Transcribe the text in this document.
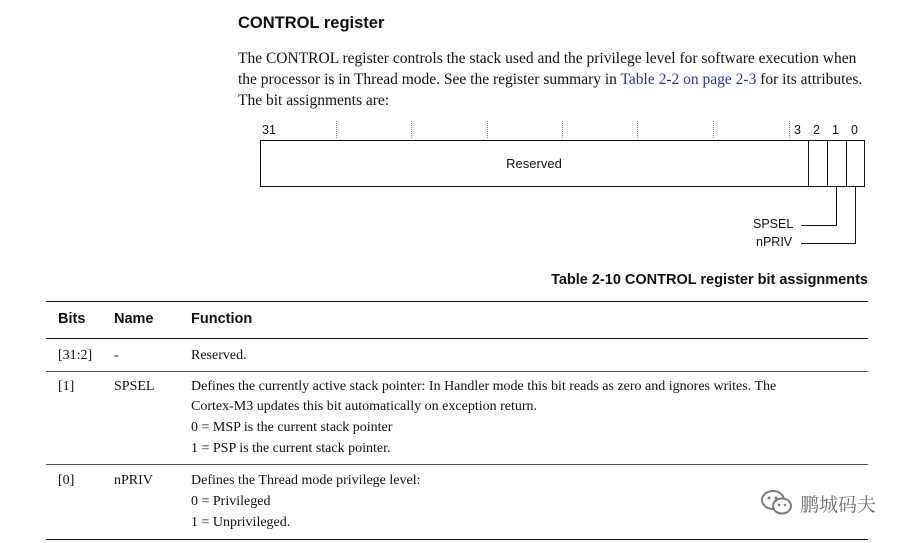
CONTROL register

The CONTROL register controls the stack used and the privilege level for software execution when the processor is in Thread mode. See the register summary in Table 2-2 on page 2-3 for its attributes. The bit assignments are:

31	3 2 1 0
Reserved
SPSEL
nPRIV
Table 2-10 CONTROL register bit assignments
Bits Name	Function
[31:2] -	Reserved.
[1]	SPSEL	Defines the currently active stack pointer: In Handler mode this bit reads as zero and ignores writes. The
Cortex-M3 updates this bit automatically on exception return.
0 = MSP is the current stack pointer
1 = PSP is the current stack pointer.
[0]	nPRIV	Defines the Thread mode privilege level:
0 = Privileged
1 = Unprivileged.
鹏城码夫
